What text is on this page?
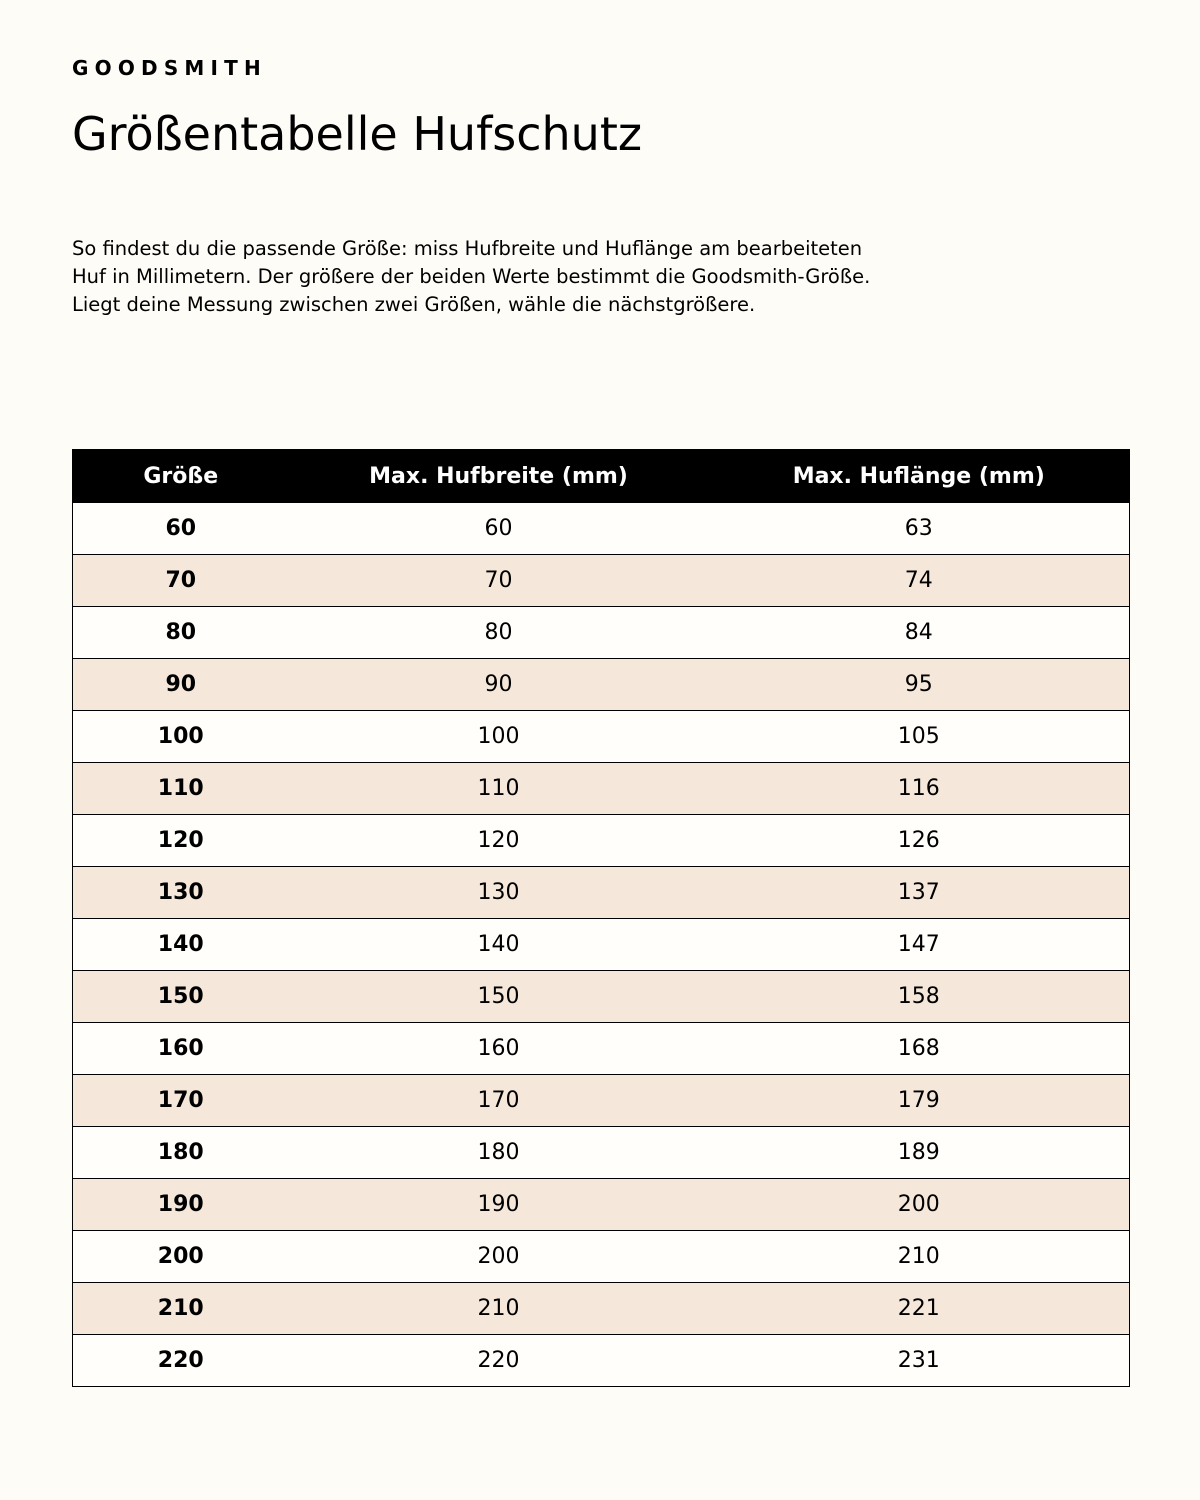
GOODSMITH
Größentabelle Hufschutz

So findest du die passende Größe: miss Hufbreite und Huflänge am bearbeiteten
Huf in Millimetern. Der größere der beiden Werte bestimmt die Goodsmith-Größe.
Liegt deine Messung zwischen zwei Größen, wähle die nächstgrößere.

Größe	Max. Hufbreite (mm)	Max. Huflänge (mm)
60	60	63
70	70	74
80	80	84
90	90	95
100	100	105
110	110	116
120	120	126
130	130	137
140	140	147
150	150	158
160	160	168
170	170	179
180	180	189
190	190	200
200	200	210
210	210	221
220	220	231
